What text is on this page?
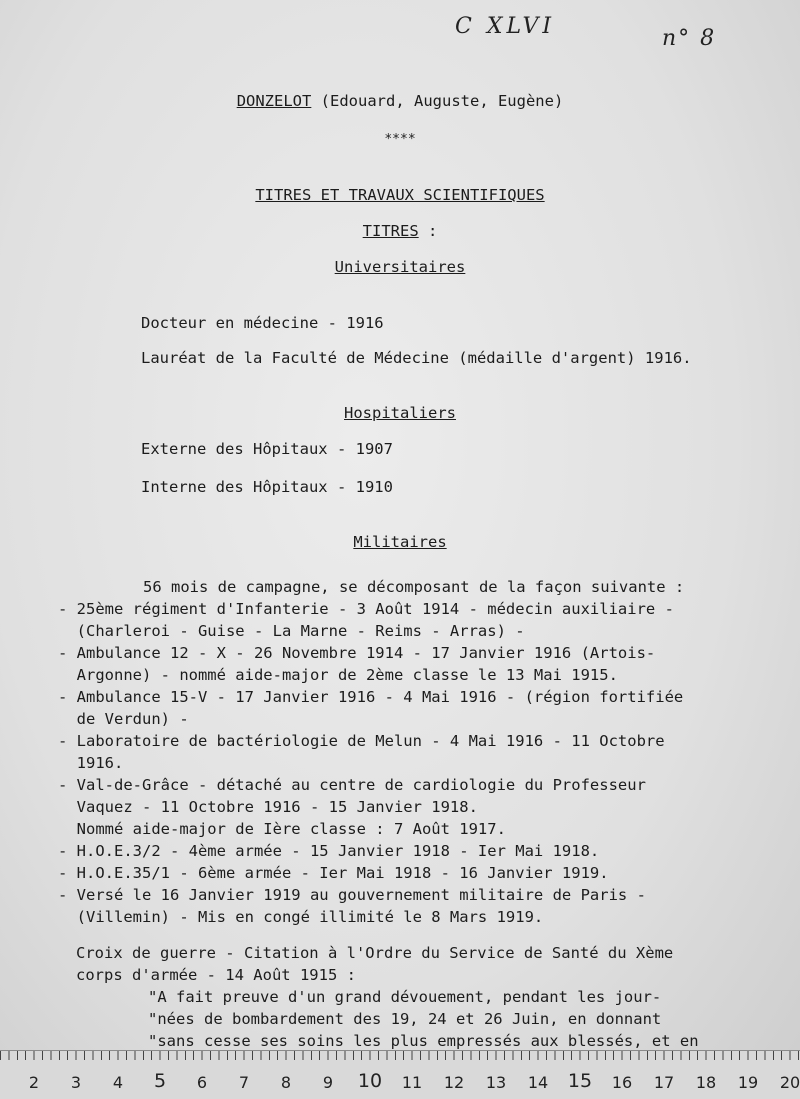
C XLVI	n° 8
DONZELOT (Edouard, Auguste, Eugène)
****
TITRES ET TRAVAUX SCIENTIFIQUES
TITRES :
Universitaires
Docteur en médecine - 1916
Lauréat de la Faculté de Médecine (médaille d'argent) 1916.
Hospitaliers
Externe des Hôpitaux - 1907
Interne des Hôpitaux - 1910
Militaires
56 mois de campagne, se décomposant de la façon suivante :
- 25ème régiment d'Infanterie - 3 Août 1914 - médecin auxiliaire -
(Charleroi - Guise - La Marne - Reims - Arras) -
- Ambulance 12 - X - 26 Novembre 1914 - 17 Janvier 1916 (Artois-
Argonne) - nommé aide-major de 2ème classe le 13 Mai 1915.
- Ambulance 15-V - 17 Janvier 1916 - 4 Mai 1916 - (région fortifiée
de Verdun) -
- Laboratoire de bactériologie de Melun - 4 Mai 1916 - 11 Octobre
1916.
- Val-de-Grâce - détaché au centre de cardiologie du Professeur
Vaquez - 11 Octobre 1916 - 15 Janvier 1918.
Nommé aide-major de Ière classe : 7 Août 1917.
- H.O.E.3/2 - 4ème armée - 15 Janvier 1918 - Ier Mai 1918.
- H.O.E.35/1 - 6ème armée - Ier Mai 1918 - 16 Janvier 1919.
- Versé le 16 Janvier 1919 au gouvernement militaire de Paris -
(Villemin) - Mis en congé illimité le 8 Mars 1919.
Croix de guerre - Citation à l'Ordre du Service de Santé du Xème
corps d'armée - 14 Août 1915 :
"A fait preuve d'un grand dévouement, pendant les jour-
"nées de bombardement des 19, 24 et 26 Juin, en donnant
"sans cesse ses soins les plus empressés aux blessés, et en
2 3 4 5 6 7 8 9 10 11 12 13 14 15 16 17 18 19 20
